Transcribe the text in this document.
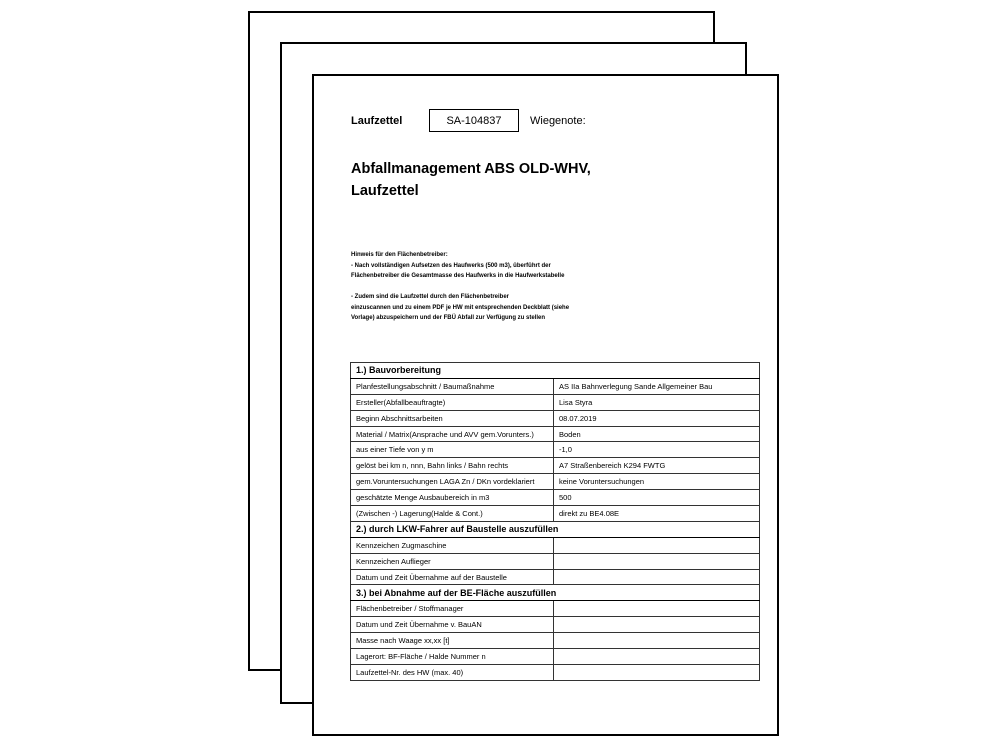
Laufzettel	SA-104837	Wiegenote:
Abfallmanagement ABS OLD-WHV,
Laufzettel

Hinweis für den Flächenbetreiber:

- Nach vollständigen Aufsetzen des Haufwerks (500 m3), überführt der

Flächenbetreiber die Gesamtmasse des Haufwerks in die Haufwerkstabelle

- Zudem sind die Laufzettel durch den Flächenbetreiber

einzuscannen und zu einem PDF je HW mit entsprechenden Deckblatt (siehe

Vorlage) abzuspeichern und der FBÜ Abfall zur Verfügung zu stellen

1.) Bauvorbereitung	
Planfestellungsabschnitt / Baumaßnahme	AS IIa Bahnverlegung Sande Allgemeiner Bau
Ersteller(Abfallbeauftragte)	Lisa Styra
Beginn Abschnittsarbeiten	08.07.2019
Material / Matrix(Ansprache und AVV gem.Vorunters.)	Boden
aus einer Tiefe von y m	-1,0
gelöst bei km n, nnn, Bahn links / Bahn rechts	A7 Straßenbereich K294 FWTG
gem.Voruntersuchungen LAGA Zn / DKn vordeklariert	keine Voruntersuchungen
geschätzte Menge Ausbaubereich in m3	500
(Zwischen -) Lagerung(Halde & Cont.)	direkt zu BE4.08E
2.) durch LKW-Fahrer auf Baustelle auszufüllen	
Kennzeichen Zugmaschine	
Kennzeichen Auflieger	
Datum und Zeit Übernahme auf der Baustelle	
3.) bei Abnahme auf der BE-Fläche auszufüllen	
Flächenbetreiber / Stoffmanager	
Datum und Zeit Übernahme v. BauAN	
Masse nach Waage xx,xx [t]	
Lagerort: BF-Fläche / Halde Nummer n	
Laufzettel-Nr. des HW (max. 40)	
